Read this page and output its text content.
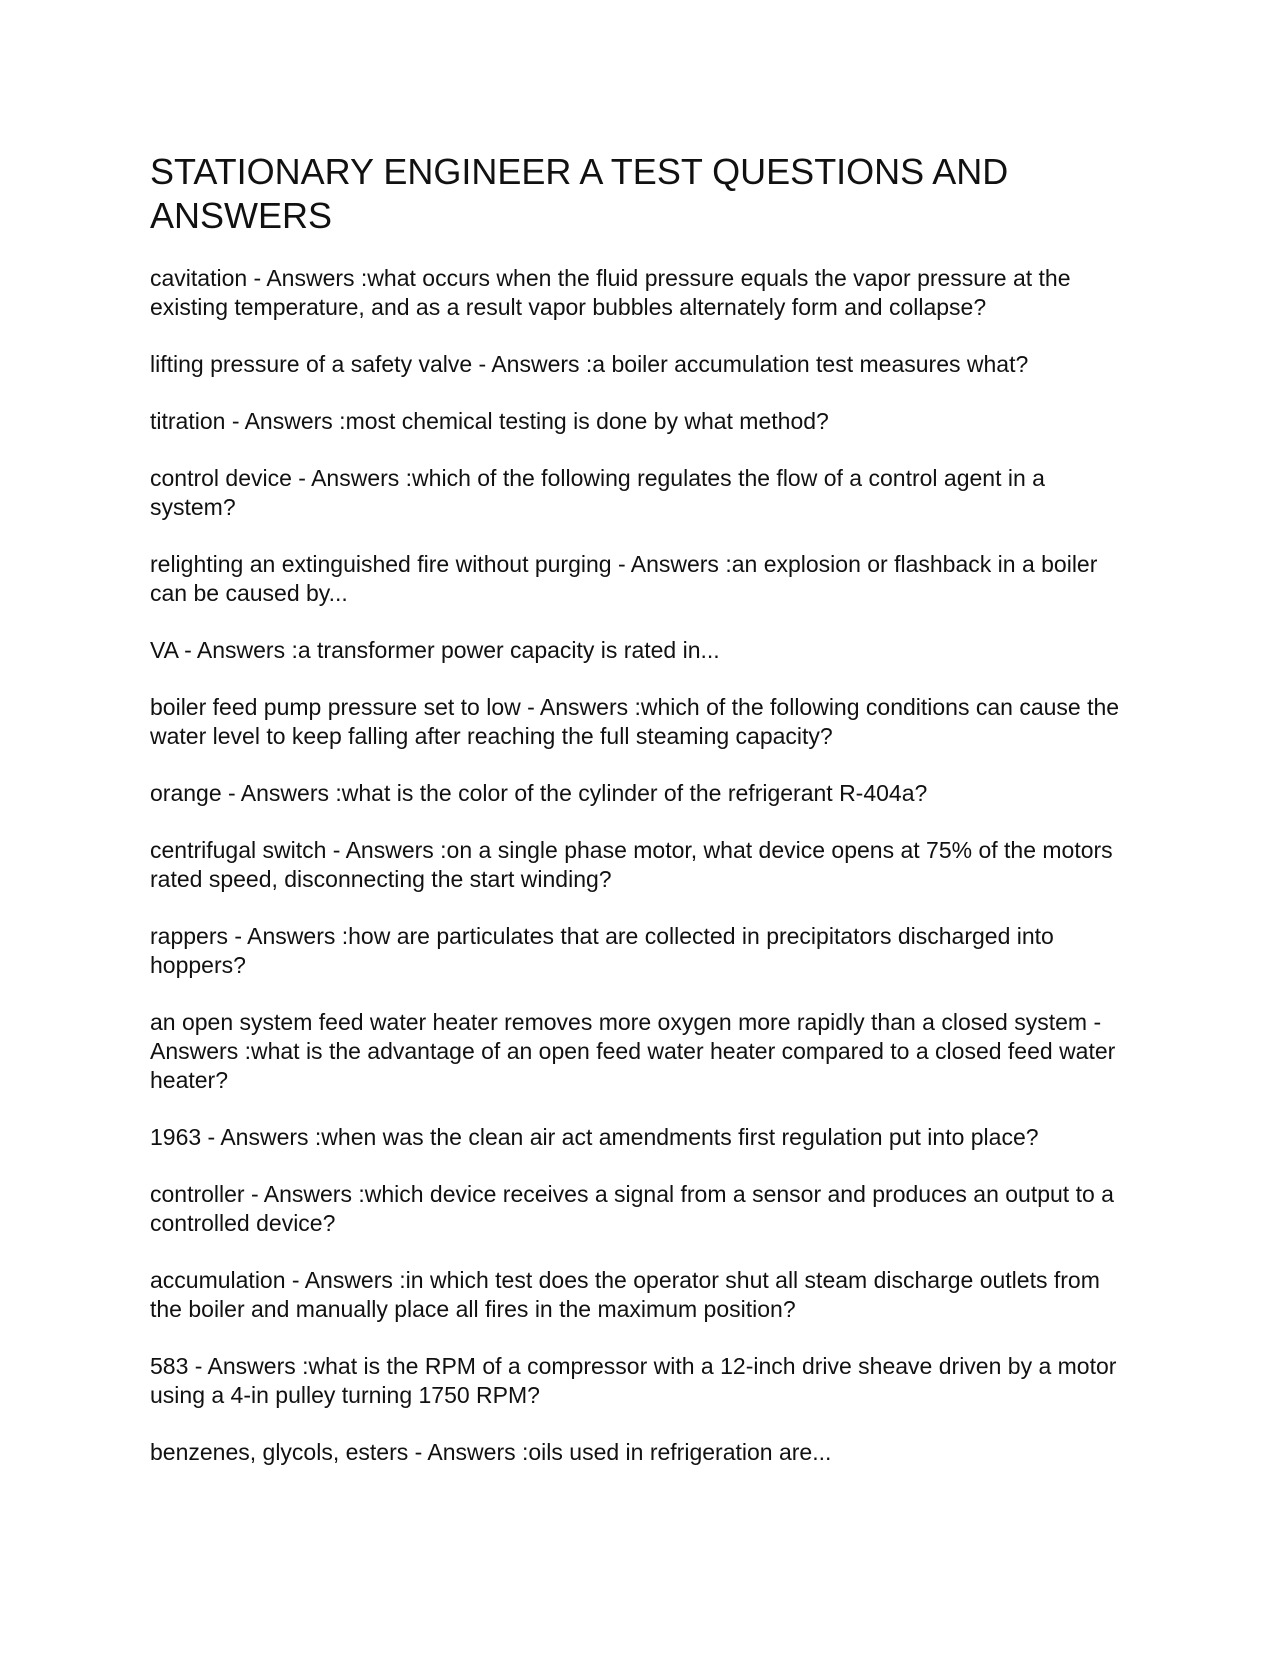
STATIONARY ENGINEER A TEST QUESTIONS AND ANSWERS

cavitation - Answers :what occurs when the fluid pressure equals the vapor pressure at the existing temperature, and as a result vapor bubbles alternately form and collapse?

lifting pressure of a safety valve - Answers :a boiler accumulation test measures what?

titration - Answers :most chemical testing is done by what method?

control device - Answers :which of the following regulates the flow of a control agent in a system?

relighting an extinguished fire without purging - Answers :an explosion or flashback in a boiler can be caused by...

VA - Answers :a transformer power capacity is rated in...

boiler feed pump pressure set to low - Answers :which of the following conditions can cause the water level to keep falling after reaching the full steaming capacity?

orange - Answers :what is the color of the cylinder of the refrigerant R-404a?

centrifugal switch - Answers :on a single phase motor, what device opens at 75% of the motors rated speed, disconnecting the start winding?

rappers - Answers :how are particulates that are collected in precipitators discharged into hoppers?

an open system feed water heater removes more oxygen more rapidly than a closed system - Answers :what is the advantage of an open feed water heater compared to a closed feed water heater?

1963 - Answers :when was the clean air act amendments first regulation put into place?

controller - Answers :which device receives a signal from a sensor and produces an output to a controlled device?

accumulation - Answers :in which test does the operator shut all steam discharge outlets from the boiler and manually place all fires in the maximum position?

583 - Answers :what is the RPM of a compressor with a 12-inch drive sheave driven by a motor using a 4-in pulley turning 1750 RPM?

benzenes, glycols, esters - Answers :oils used in refrigeration are...
